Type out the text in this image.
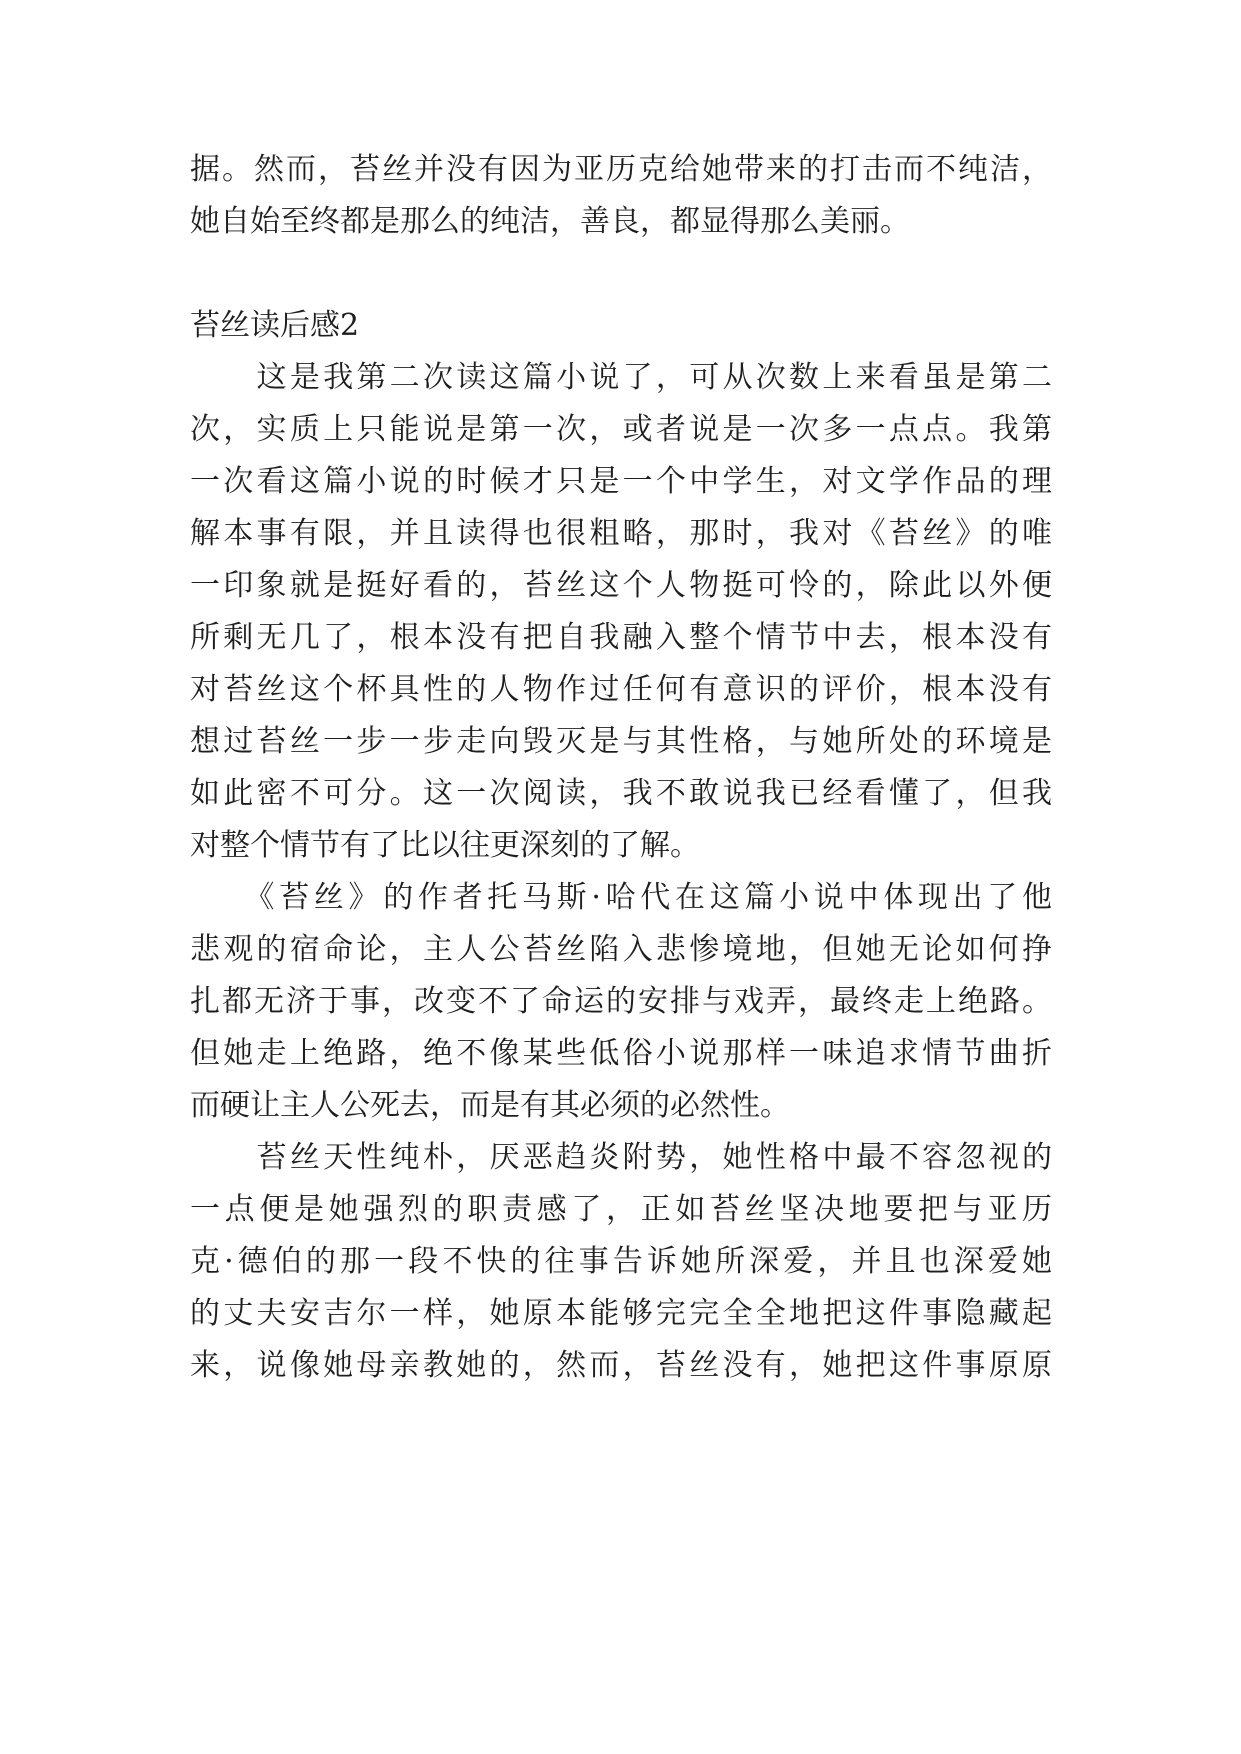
据。然而，苔丝并没有因为亚历克给她带来的打击而不纯洁，
她自始至终都是那么的纯洁，善良，都显得那么美丽。
苔丝读后感2
　　这是我第二次读这篇小说了，可从次数上来看虽是第二
次，实质上只能说是第一次，或者说是一次多一点点。我第
一次看这篇小说的时候才只是一个中学生，对文学作品的理
解本事有限，并且读得也很粗略，那时，我对《苔丝》的唯
一印象就是挺好看的，苔丝这个人物挺可怜的，除此以外便
所剩无几了，根本没有把自我融入整个情节中去，根本没有
对苔丝这个杯具性的人物作过任何有意识的评价，根本没有
想过苔丝一步一步走向毁灭是与其性格，与她所处的环境是
如此密不可分。这一次阅读，我不敢说我已经看懂了，但我
对整个情节有了比以往更深刻的了解。
　　《苔丝》的作者托马斯·哈代在这篇小说中体现出了他
悲观的宿命论，主人公苔丝陷入悲惨境地，但她无论如何挣
扎都无济于事，改变不了命运的安排与戏弄，最终走上绝路。
但她走上绝路，绝不像某些低俗小说那样一味追求情节曲折
而硬让主人公死去，而是有其必须的必然性。
　　苔丝天性纯朴，厌恶趋炎附势，她性格中最不容忽视的
一点便是她强烈的职责感了，正如苔丝坚决地要把与亚历
克·德伯的那一段不快的往事告诉她所深爱，并且也深爱她
的丈夫安吉尔一样，她原本能够完完全全地把这件事隐藏起
来，说像她母亲教她的，然而，苔丝没有，她把这件事原原
